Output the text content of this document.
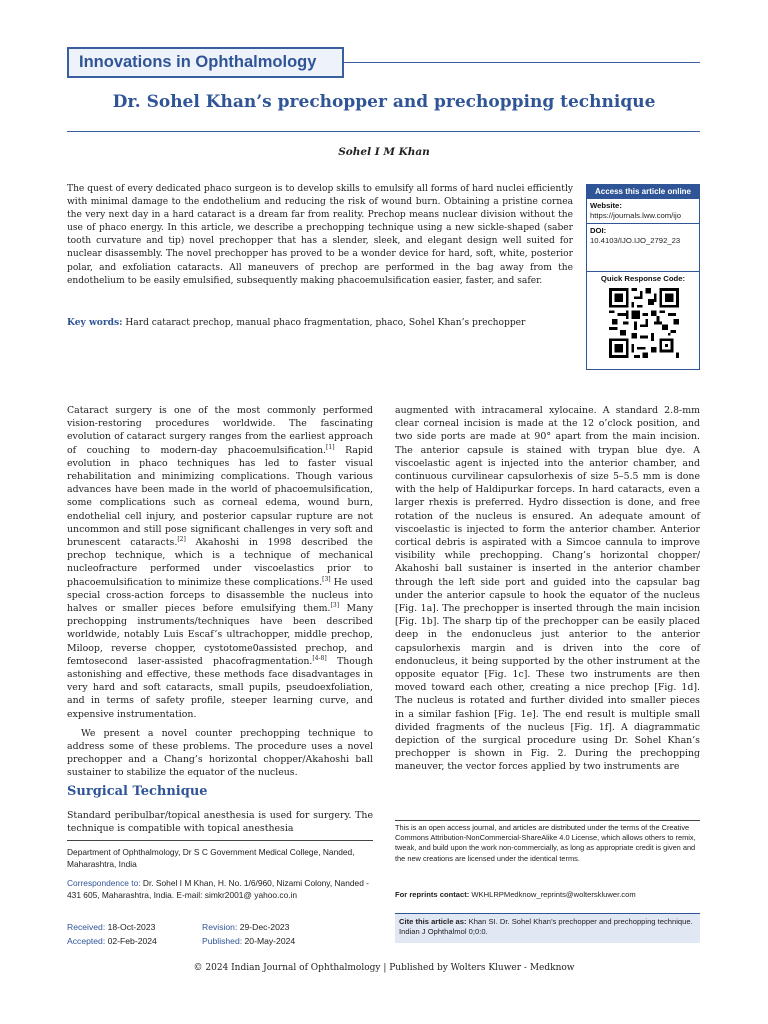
Innovations in Ophthalmology
Dr. Sohel Khan’s prechopper and prechopping technique
Sohel I M Khan
The quest of every dedicated phaco surgeon is to develop skills to emulsify all forms of hard nuclei efficiently with minimal damage to the endothelium and reducing the risk of wound burn. Obtaining a pristine cornea the very next day in a hard cataract is a dream far from reality. Prechop means nuclear division without the use of phaco energy. In this article, we describe a prechopping technique using a new sickle-shaped (saber tooth curvature and tip) novel prechopper that has a slender, sleek, and elegant design well suited for nuclear disassembly. The novel prechopper has proved to be a wonder device for hard, soft, white, posterior polar, and exfoliation cataracts. All maneuvers of prechop are performed in the bag away from the endothelium to be easily emulsified, subsequently making phacoemulsification easier, faster, and safer.
Key words: Hard cataract prechop, manual phaco fragmentation, phaco, Sohel Khan’s prechopper
Access this article online
Website:
https://journals.lww.com/ijo
DOI:
10.4103/IJO.IJO_2792_23
Quick Response Code:

Cataract surgery is one of the most commonly performed vision-restoring procedures worldwide. The fascinating evolution of cataract surgery ranges from the earliest approach of couching to modern-day phacoemulsification.[1] Rapid evolution in phaco techniques has led to faster visual rehabilitation and minimizing complications. Though various advances have been made in the world of phacoemulsification, some complications such as corneal edema, wound burn, endothelial cell injury, and posterior capsular rupture are not uncommon and still pose significant challenges in very soft and brunescent cataracts.[2] Akahoshi in 1998 described the prechop technique, which is a technique of mechanical nucleofracture performed under viscoelastics prior to phacoemulsification to minimize these complications.[3] He used special cross-action forceps to disassemble the nucleus into halves or smaller pieces before emulsifying them.[3] Many prechopping instruments/techniques have been described worldwide, notably Luis Escaf’s ultrachopper, middle prechop, Miloop, reverse chopper, cystotome0assisted prechop, and femtosecond laser-assisted phacofragmentation.[4-8] Though astonishing and effective, these methods face disadvantages in very hard and soft cataracts, small pupils, pseudoexfoliation, and in terms of safety profile, steeper learning curve, and expensive instrumentation.

We present a novel counter prechopping technique to address some of these problems. The procedure uses a novel prechopper and a Chang’s horizontal chopper/Akahoshi ball sustainer to stabilize the equator of the nucleus.

Surgical Technique
Standard peribulbar/topical anesthesia is used for surgery. The technique is compatible with topical anesthesia

augmented with intracameral xylocaine. A standard 2.8-mm clear corneal incision is made at the 12 o’clock position, and two side ports are made at 90° apart from the main incision. The anterior capsule is stained with trypan blue dye. A viscoelastic agent is injected into the anterior chamber, and continuous curvilinear capsulorhexis of size 5–5.5 mm is done with the help of Haldipurkar forceps. In hard cataracts, even a larger rhexis is preferred. Hydro dissection is done, and free rotation of the nucleus is ensured. An adequate amount of viscoelastic is injected to form the anterior chamber. Anterior cortical debris is aspirated with a Simcoe cannula to improve visibility while prechopping. Chang’s horizontal chopper/ Akahoshi ball sustainer is inserted in the anterior chamber through the left side port and guided into the capsular bag under the anterior capsule to hook the equator of the nucleus [Fig. 1a]. The prechopper is inserted through the main incision [Fig. 1b]. The sharp tip of the prechopper can be easily placed deep in the endonucleus just anterior to the anterior capsulorhexis margin and is driven into the core of endonucleus, it being supported by the other instrument at the opposite equator [Fig. 1c]. These two instruments are then moved toward each other, creating a nice prechop [Fig. 1d]. The nucleus is rotated and further divided into smaller pieces in a similar fashion [Fig. 1e]. The end result is multiple small divided fragments of the nucleus [Fig. 1f]. A diagrammatic depiction of the surgical procedure using Dr. Sohel Khan’s prechopper is shown in Fig. 2. During the prechopping maneuver, the vector forces applied by two instruments are

Department of Ophthalmology, Dr S C Government Medical College, Nanded, Maharashtra, India
Correspondence to: Dr. Sohel I M Khan, H. No. 1/6/960, Nizami Colony, Nanded - 431 605, Maharashtra, India. E-mail: simkr2001@ yahoo.co.in
Received: 18-Oct-2023	Revision: 29-Dec-2023
Accepted: 02-Feb-2024	Published: 20-May-2024
This is an open access journal, and articles are distributed under the terms of the Creative Commons Attribution-NonCommercial-ShareAlike 4.0 License, which allows others to remix, tweak, and build upon the work non-commercially, as long as appropriate credit is given and the new creations are licensed under the identical terms.
For reprints contact: WKHLRPMedknow_reprints@wolterskluwer.com
Cite this article as: Khan SI. Dr. Sohel Khan’s prechopper and prechopping technique. Indian J Ophthalmol 0;0:0.
© 2024 Indian Journal of Ophthalmology | Published by Wolters Kluwer - Medknow
